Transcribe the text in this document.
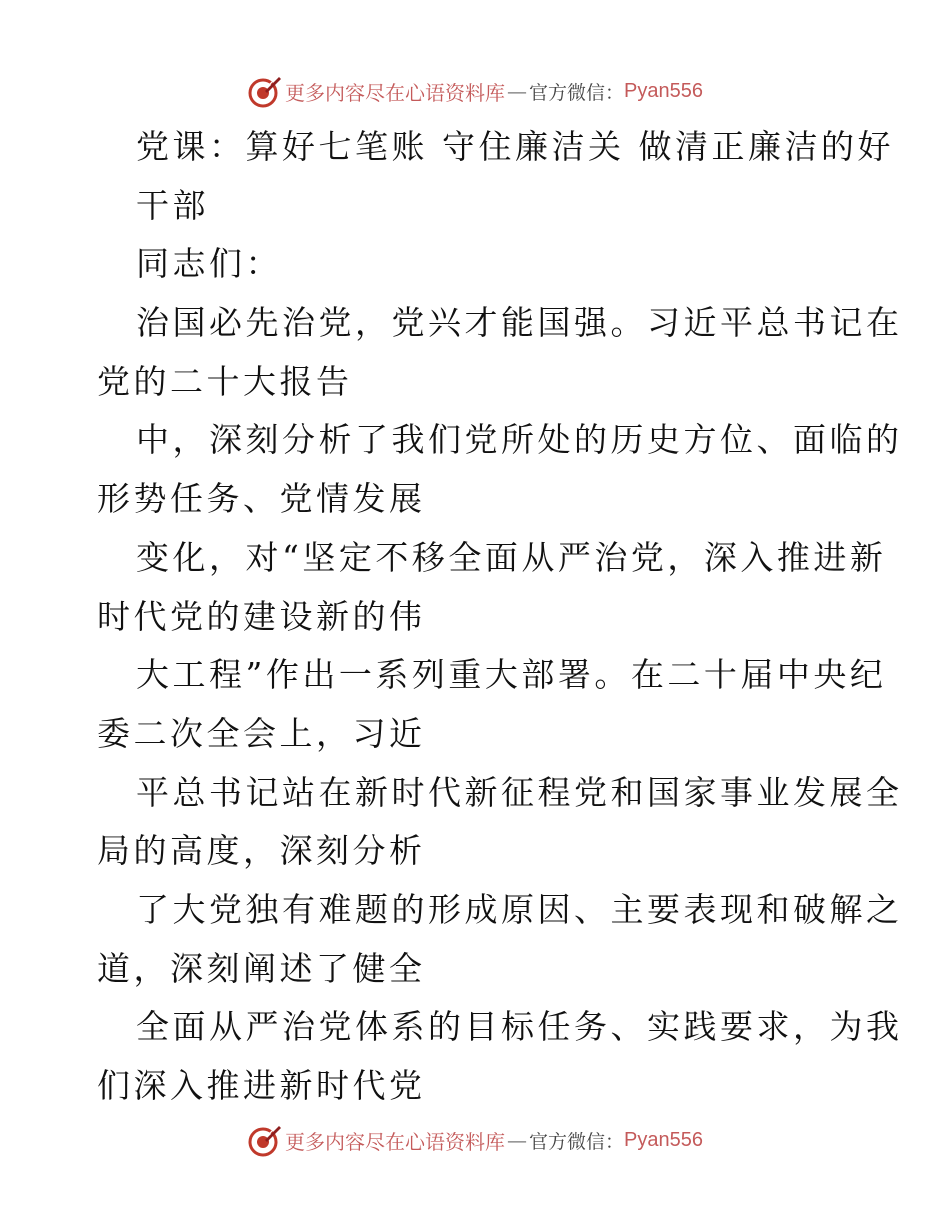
更多内容尽在心语资料库 — 官方微信： Pyan556
党课：算好七笔账 守住廉洁关 做清正廉洁的好
干部
同志们：
治国必先治党，党兴才能国强。习近平总书记在
党的二十大报告
中，深刻分析了我们党所处的历史方位、面临的
形势任务、党情发展
变化，对“坚定不移全面从严治党，深入推进新
时代党的建设新的伟
大工程”作出一系列重大部署。在二十届中央纪
委二次全会上，习近
平总书记站在新时代新征程党和国家事业发展全
局的高度，深刻分析
了大党独有难题的形成原因、主要表现和破解之
道，深刻阐述了健全
全面从严治党体系的目标任务、实践要求，为我
们深入推进新时代党
更多内容尽在心语资料库 — 官方微信： Pyan556
